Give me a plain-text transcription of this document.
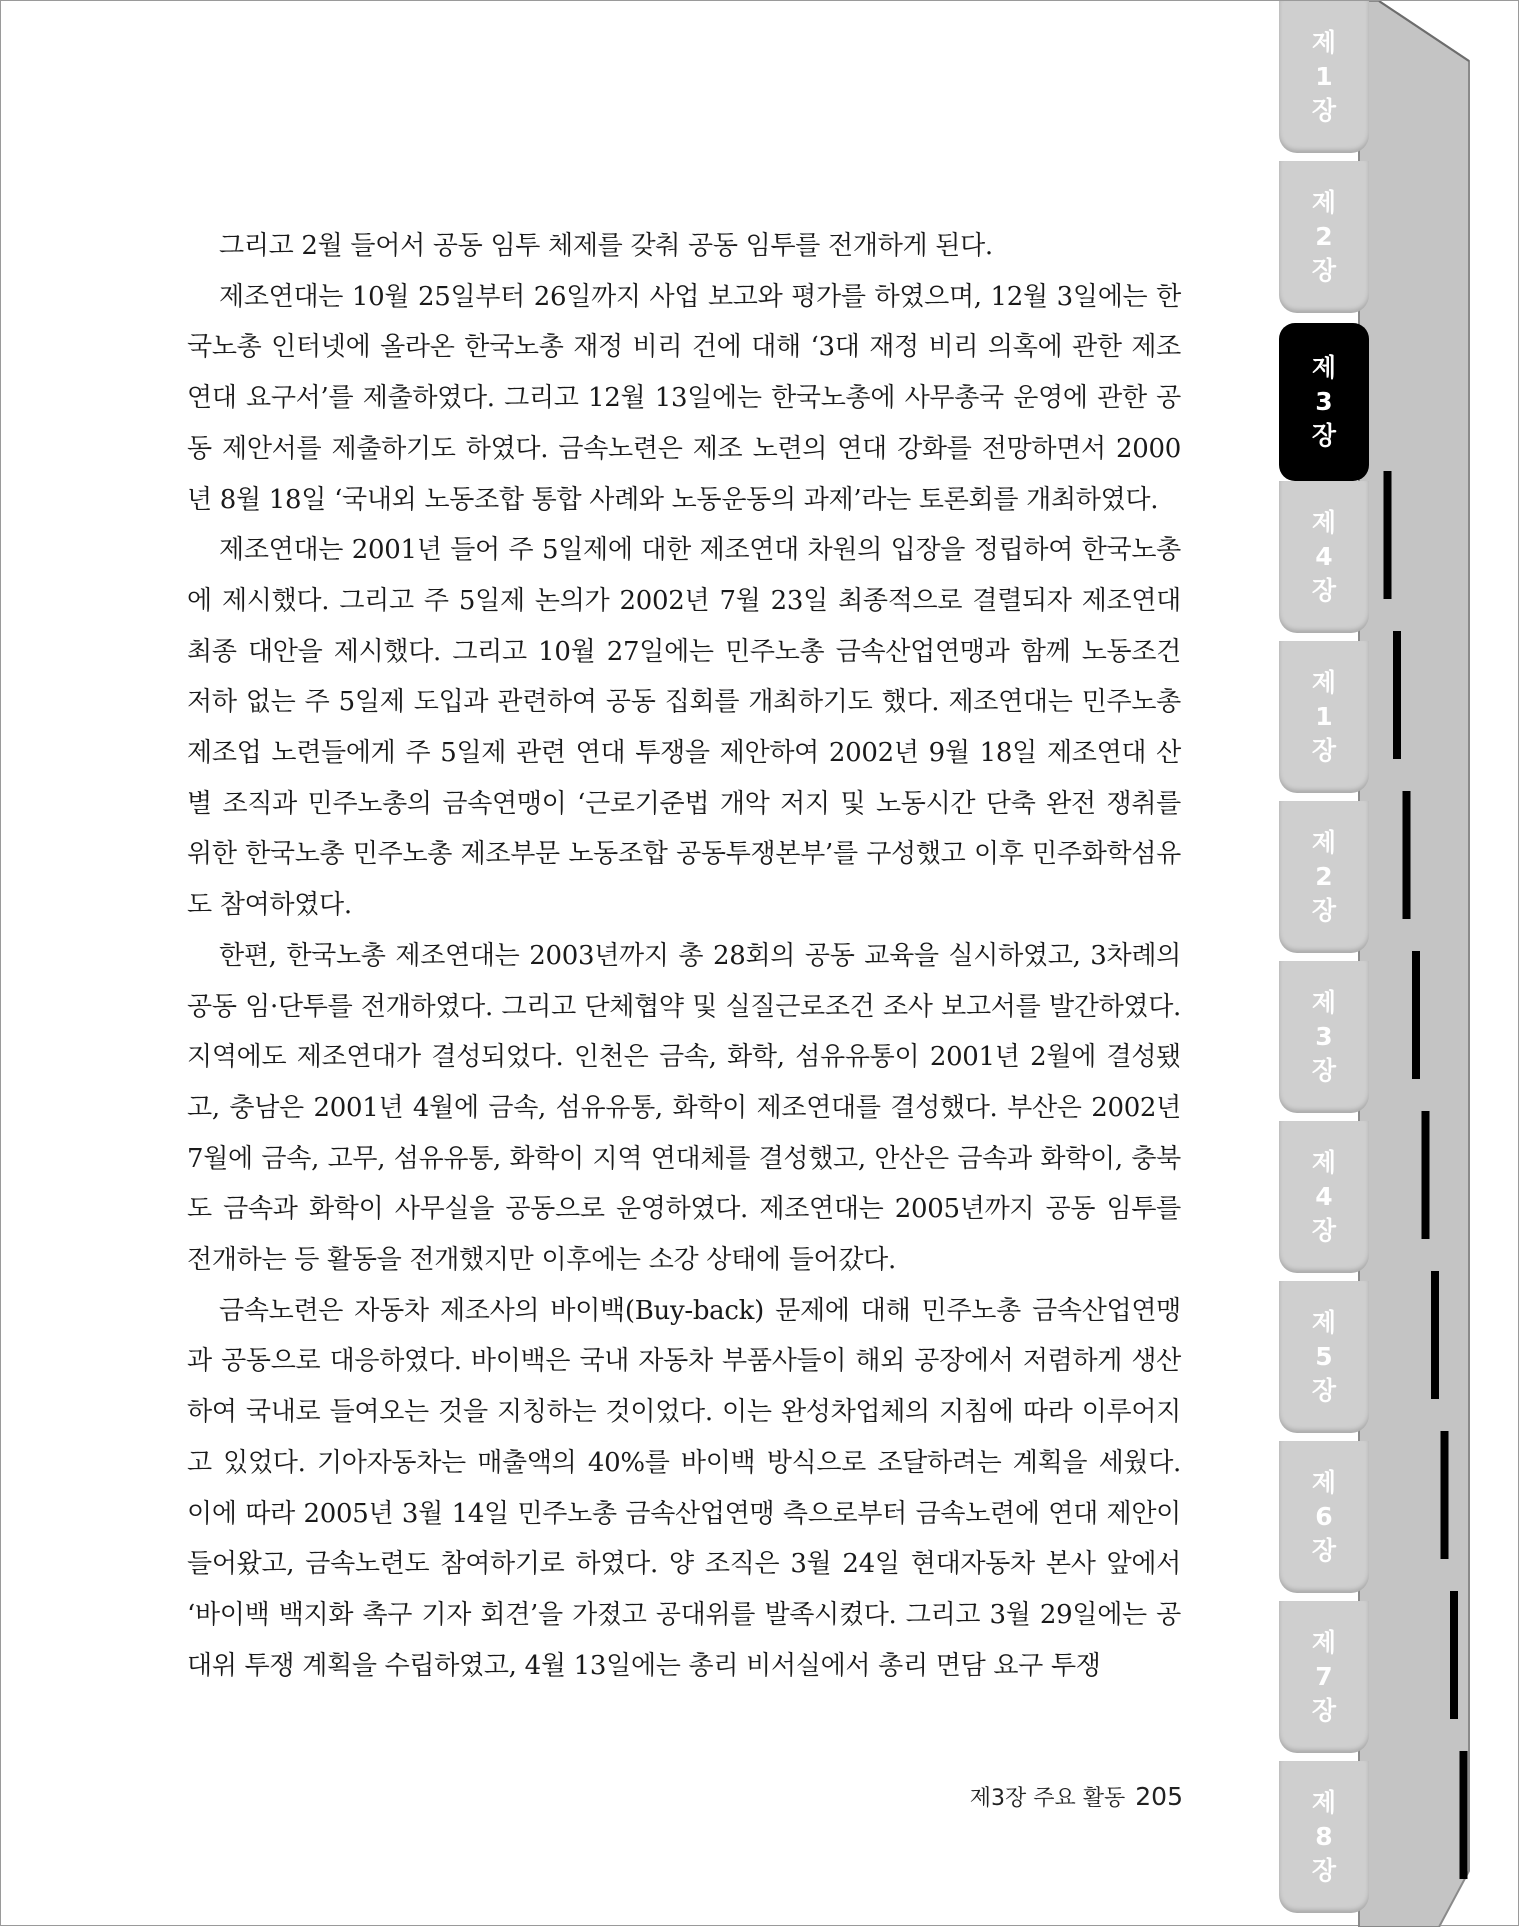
그리고 2월 들어서 공동 임투 체제를 갖춰 공동 임투를 전개하게 된다.

제조연대는 10월 25일부터 26일까지 사업 보고와 평가를 하였으며, 12월 3일에는 한국노총 인터넷에 올라온 한국노총 재정 비리 건에 대해 ‘3대 재정 비리 의혹에 관한 제조연대 요구서’를 제출하였다. 그리고 12월 13일에는 한국노총에 사무총국 운영에 관한 공동 제안서를 제출하기도 하였다. 금속노련은 제조 노련의 연대 강화를 전망하면서 2000년 8월 18일 ‘국내외 노동조합 통합 사례와 노동운동의 과제’라는 토론회를 개최하였다.

제조연대는 2001년 들어 주 5일제에 대한 제조연대 차원의 입장을 정립하여 한국노총에 제시했다. 그리고 주 5일제 논의가 2002년 7월 23일 최종적으로 결렬되자 제조연대 최종 대안을 제시했다. 그리고 10월 27일에는 민주노총 금속산업연맹과 함께 노동조건 저하 없는 주 5일제 도입과 관련하여 공동 집회를 개최하기도 했다. 제조연대는 민주노총 제조업 노련들에게 주 5일제 관련 연대 투쟁을 제안하여 2002년 9월 18일 제조연대 산별 조직과 민주노총의 금속연맹이 ‘근로기준법 개악 저지 및 노동시간 단축 완전 쟁취를 위한 한국노총 민주노총 제조부문 노동조합 공동투쟁본부’를 구성했고 이후 민주화학섬유도 참여하였다.

한편, 한국노총 제조연대는 2003년까지 총 28회의 공동 교육을 실시하였고, 3차례의 공동 임·단투를 전개하였다. 그리고 단체협약 및 실질근로조건 조사 보고서를 발간하였다. 지역에도 제조연대가 결성되었다. 인천은 금속, 화학, 섬유유통이 2001년 2월에 결성됐고, 충남은 2001년 4월에 금속, 섬유유통, 화학이 제조연대를 결성했다. 부산은 2002년 7월에 금속, 고무, 섬유유통, 화학이 지역 연대체를 결성했고, 안산은 금속과 화학이, 충북도 금속과 화학이 사무실을 공동으로 운영하였다. 제조연대는 2005년까지 공동 임투를 전개하는 등 활동을 전개했지만 이후에는 소강 상태에 들어갔다.

금속노련은 자동차 제조사의 바이백(Buy-back) 문제에 대해 민주노총 금속산업연맹과 공동으로 대응하였다. 바이백은 국내 자동차 부품사들이 해외 공장에서 저렴하게 생산하여 국내로 들여오는 것을 지칭하는 것이었다. 이는 완성차업체의 지침에 따라 이루어지고 있었다. 기아자동차는 매출액의 40%를 바이백 방식으로 조달하려는 계획을 세웠다. 이에 따라 2005년 3월 14일 민주노총 금속산업연맹 측으로부터 금속노련에 연대 제안이 들어왔고, 금속노련도 참여하기로 하였다. 양 조직은 3월 24일 현대자동차 본사 앞에서 ‘바이백 백지화 촉구 기자 회견’을 가졌고 공대위를 발족시켰다. 그리고 3월 29일에는 공대위 투쟁 계획을 수립하였고, 4월 13일에는 총리 비서실에서 총리 면담 요구 투쟁

제3장 주요 활동 205
제
1
장
제
2
장
제
3
장
제
4
장
제
1
장
제
2
장
제
3
장
제
4
장
제
5
장
제
6
장
제
7
장
제
8
장
